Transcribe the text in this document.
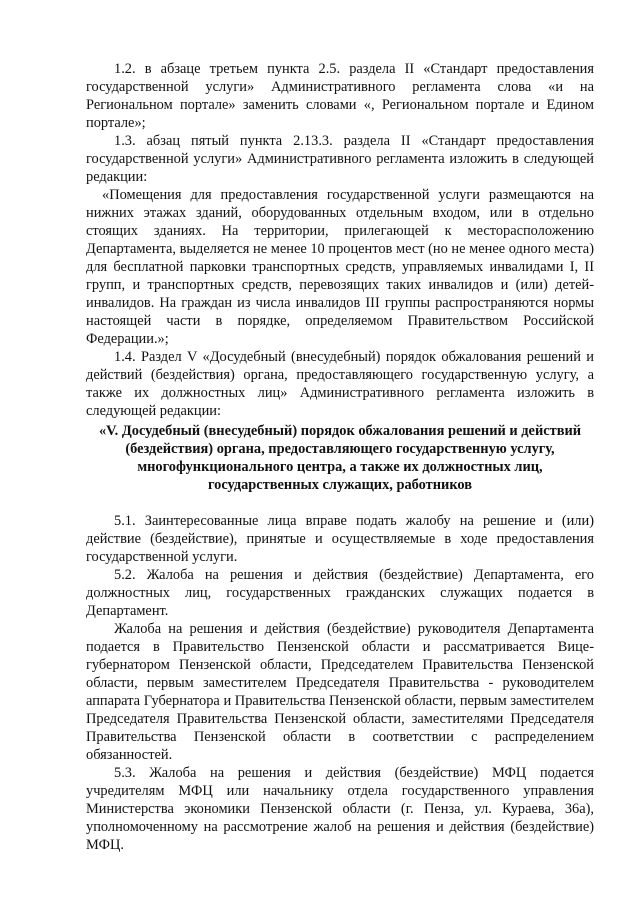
1.2. в абзаце третьем пункта 2.5. раздела II «Стандарт предоставления государственной услуги» Административного регламента слова «и на Региональном портале» заменить словами «, Региональном портале и Едином портале»;

1.3. абзац пятый пункта 2.13.3. раздела II «Стандарт предоставления государственной услуги» Административного регламента изложить в следующей редакции:

«Помещения для предоставления государственной услуги размещаются на нижних этажах зданий, оборудованных отдельным входом, или в отдельно стоящих зданиях. На территории, прилегающей к месторасположению Департамента, выделяется не менее 10 процентов мест (но не менее одного места) для бесплатной парковки транспортных средств, управляемых инвалидами I, II групп, и транспортных средств, перевозящих таких инвалидов и (или) детей-инвалидов. На граждан из числа инвалидов III группы распространяются нормы настоящей части в порядке, определяемом Правительством Российской Федерации.»;

1.4. Раздел V «Досудебный (внесудебный) порядок обжалования решений и действий (бездействия) органа, предоставляющего государственную услугу, а также их должностных лиц» Административного регламента изложить в следующей редакции:

«V. Досудебный (внесудебный) порядок обжалования решений и действий (бездействия) органа, предоставляющего государственную услугу, многофункционального центра, а также их должностных лиц, государственных служащих, работников

5.1. Заинтересованные лица вправе подать жалобу на решение и (или) действие (бездействие), принятые и осуществляемые в ходе предоставления государственной услуги.

5.2. Жалоба на решения и действия (бездействие) Департамента, его должностных лиц, государственных гражданских служащих подается в Департамент.

Жалоба на решения и действия (бездействие) руководителя Департамента подается в Правительство Пензенской области и рассматривается Вице-губернатором Пензенской области, Председателем Правительства Пензенской области, первым заместителем Председателя Правительства - руководителем аппарата Губернатора и Правительства Пензенской области, первым заместителем Председателя Правительства Пензенской области, заместителями Председателя Правительства Пензенской области в соответствии с распределением обязанностей.

5.3. Жалоба на решения и действия (бездействие) МФЦ подается учредителям МФЦ или начальнику отдела государственного управления Министерства экономики Пензенской области (г. Пенза, ул. Кураева, 36а), уполномоченному на рассмотрение жалоб на решения и действия (бездействие) МФЦ.
